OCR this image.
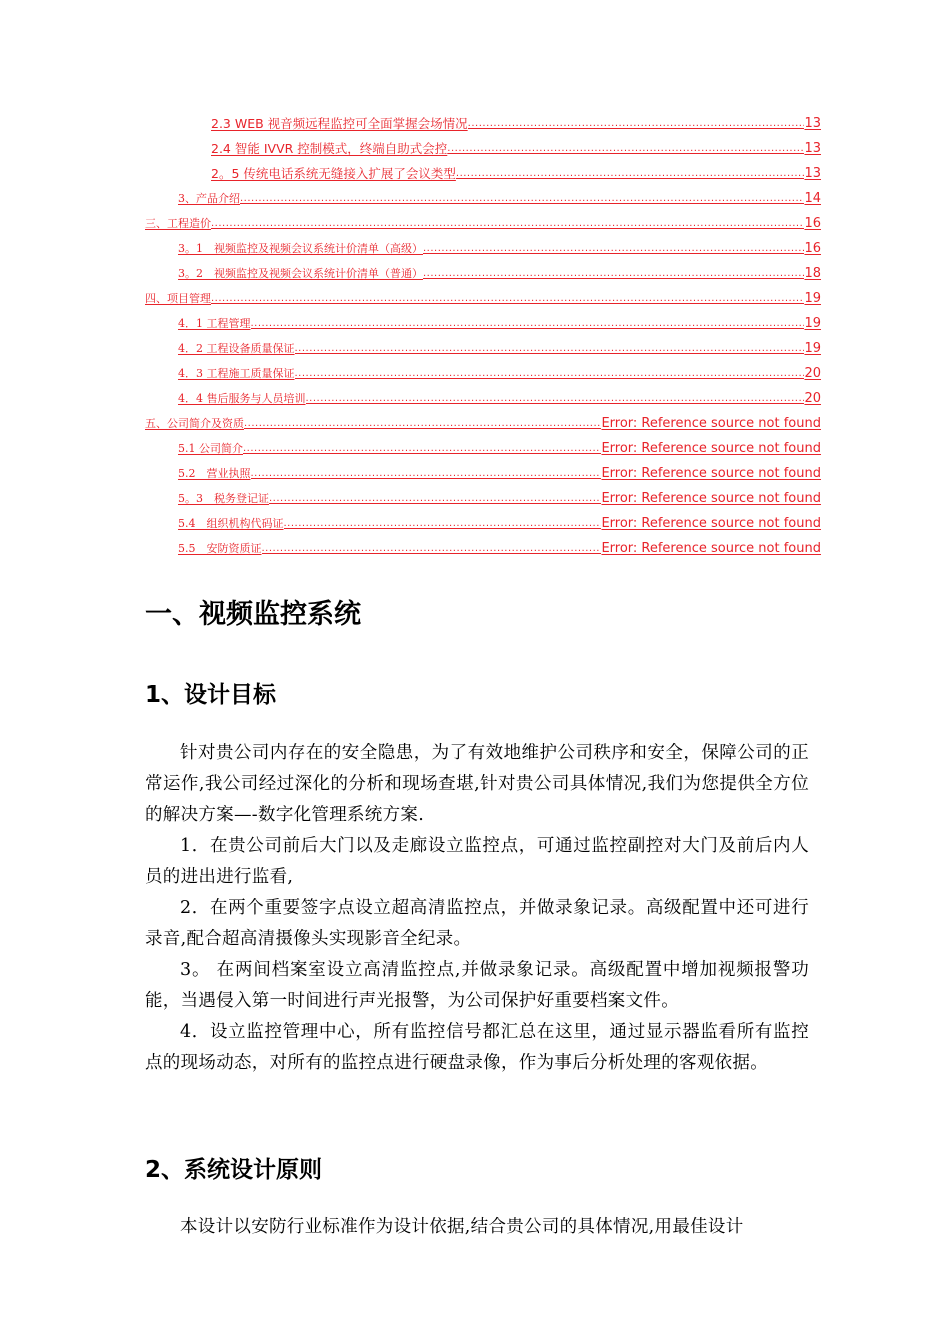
2.3 WEB 视音频远程监控可全面掌握会场情况 .....	13
2.4 智能 IVVR 控制模式，终端自助式会控 .....	13
2。5 传统电话系统无缝接入扩展了会议类型 .....	13
3、产品介绍 .....	14
三、工程造价 .....	16
3。1　视频监控及视频会议系统计价清单（高级） .....	16
3。2　视频监控及视频会议系统计价清单（普通） .....	18
四、项目管理 .....	19
4．1 工程管理 .....	19
4．2 工程设备质量保证 .....	19
4．3 工程施工质量保证 .....	20
4．4 售后服务与人员培训 .....	20
五、公司简介及资质 .....	Error: Reference source not found
5.1 公司简介 .....	Error: Reference source not found
5.2　营业执照 .....	Error: Reference source not found
5。3　税务登记证 .....	Error: Reference source not found
5.4　组织机构代码证 .....	Error: Reference source not found
5.5　安防资质证 .....	Error: Reference source not found
一、视频监控系统
1、设计目标

针对贵公司内存在的安全隐患，为了有效地维护公司秩序和安全，保障公司的正常运作,我公司经过深化的分析和现场查堪,针对贵公司具体情况,我们为您提供全方位的解决方案—-数字化管理系统方案.

1．在贵公司前后大门以及走廊设立监控点，可通过监控副控对大门及前后内人员的进出进行监看,

2．在两个重要签字点设立超高清监控点，并做录象记录。高级配置中还可进行录音,配合超高清摄像头实现影音全纪录。

3。 在两间档案室设立高清监控点,并做录象记录。高级配置中增加视频报警功能，当遇侵入第一时间进行声光报警，为公司保护好重要档案文件。

4．设立监控管理中心，所有监控信号都汇总在这里，通过显示器监看所有监控点的现场动态，对所有的监控点进行硬盘录像，作为事后分析处理的客观依据。

2、系统设计原则

本设计以安防行业标准作为设计依据,结合贵公司的具体情况,用最佳设计
